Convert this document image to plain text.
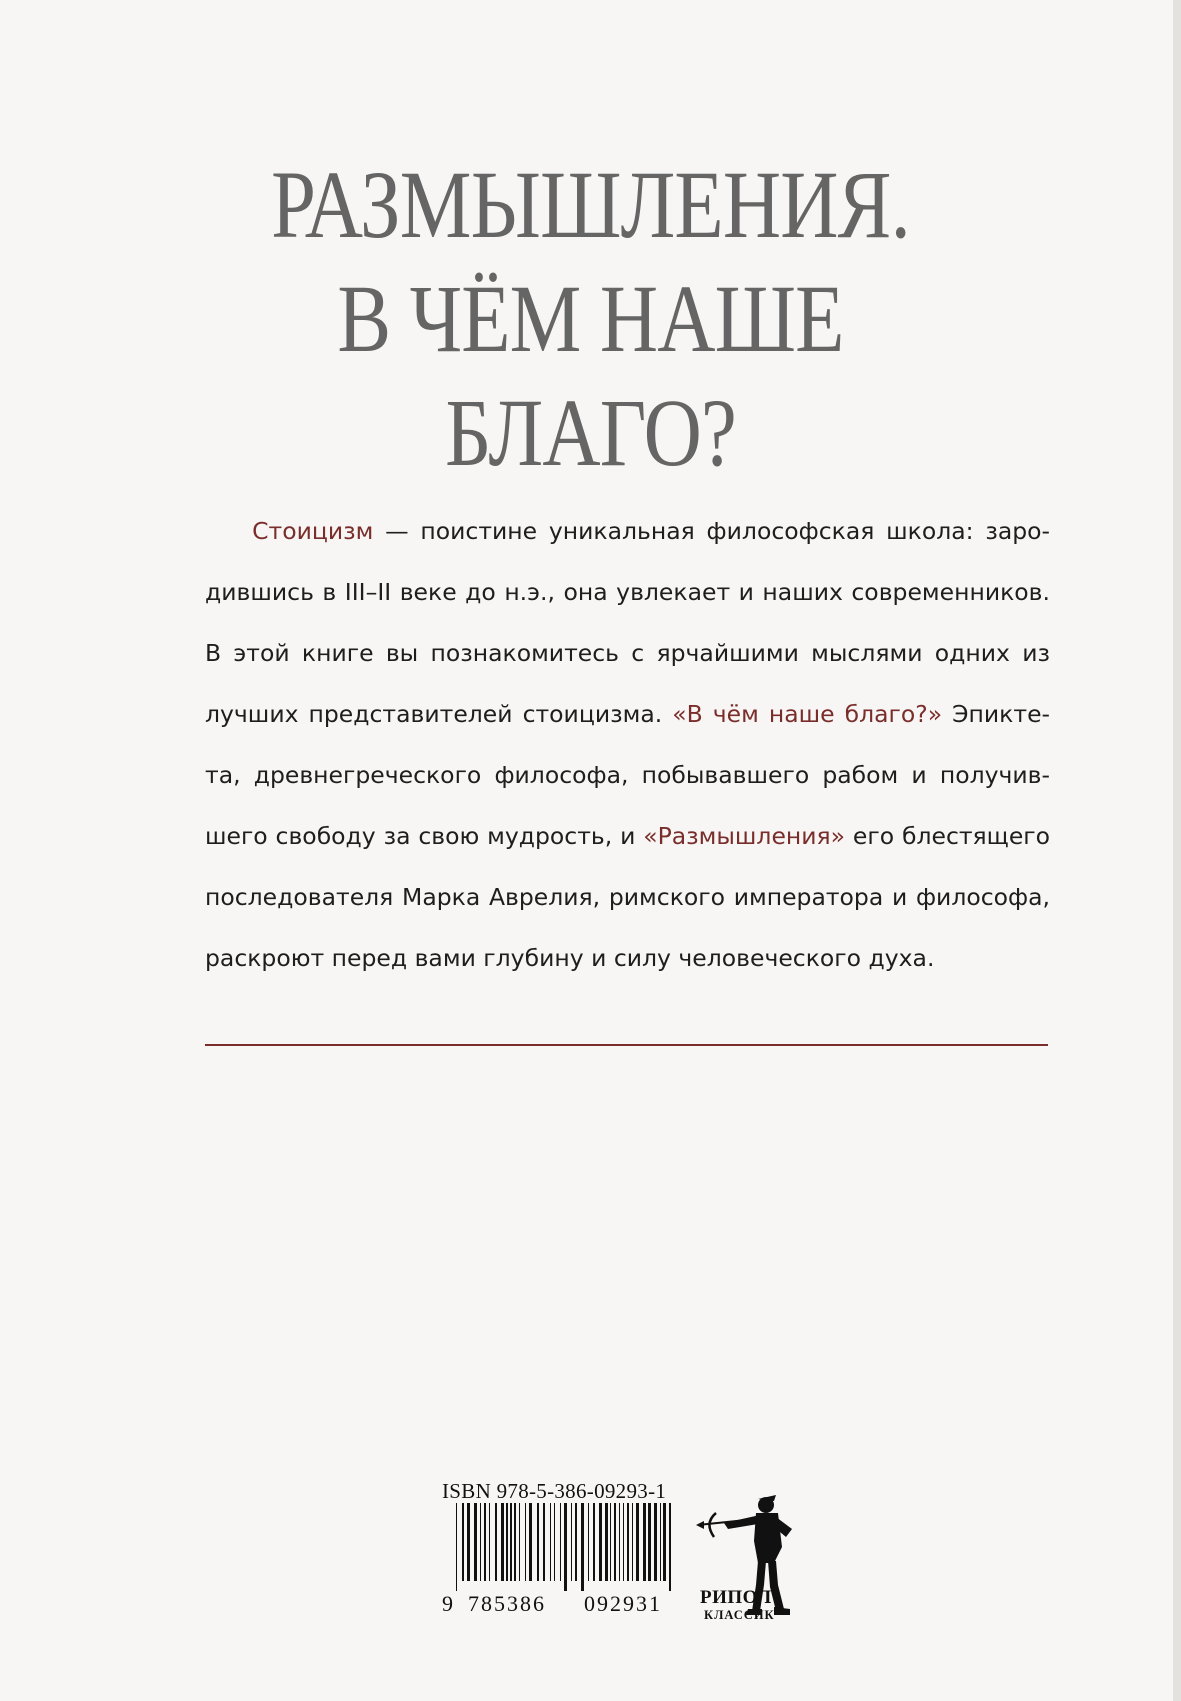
РАЗМЫШЛЕНИЯ.
В ЧЁМ НАШЕ
БЛАГО?
Стоицизм — поистине уникальная философская школа: заро-
дившись в III–II веке до н.э., она увлекает и наших современников.
В этой книге вы познакомитесь с ярчайшими мыслями одних из
лучших представителей стоицизма. «В чём наше благо?» Эпикте-
та, древнегреческого философа, побывавшего рабом и получив-
шего свободу за свою мудрость, и «Размышления» его блестящего
последователя Марка Аврелия, римского императора и философа,
раскроют перед вами глубину и силу человеческого духа.
ISBN 978-5-386-09293-1
9 785386 092931 РИПОЛ
КЛАССИК
